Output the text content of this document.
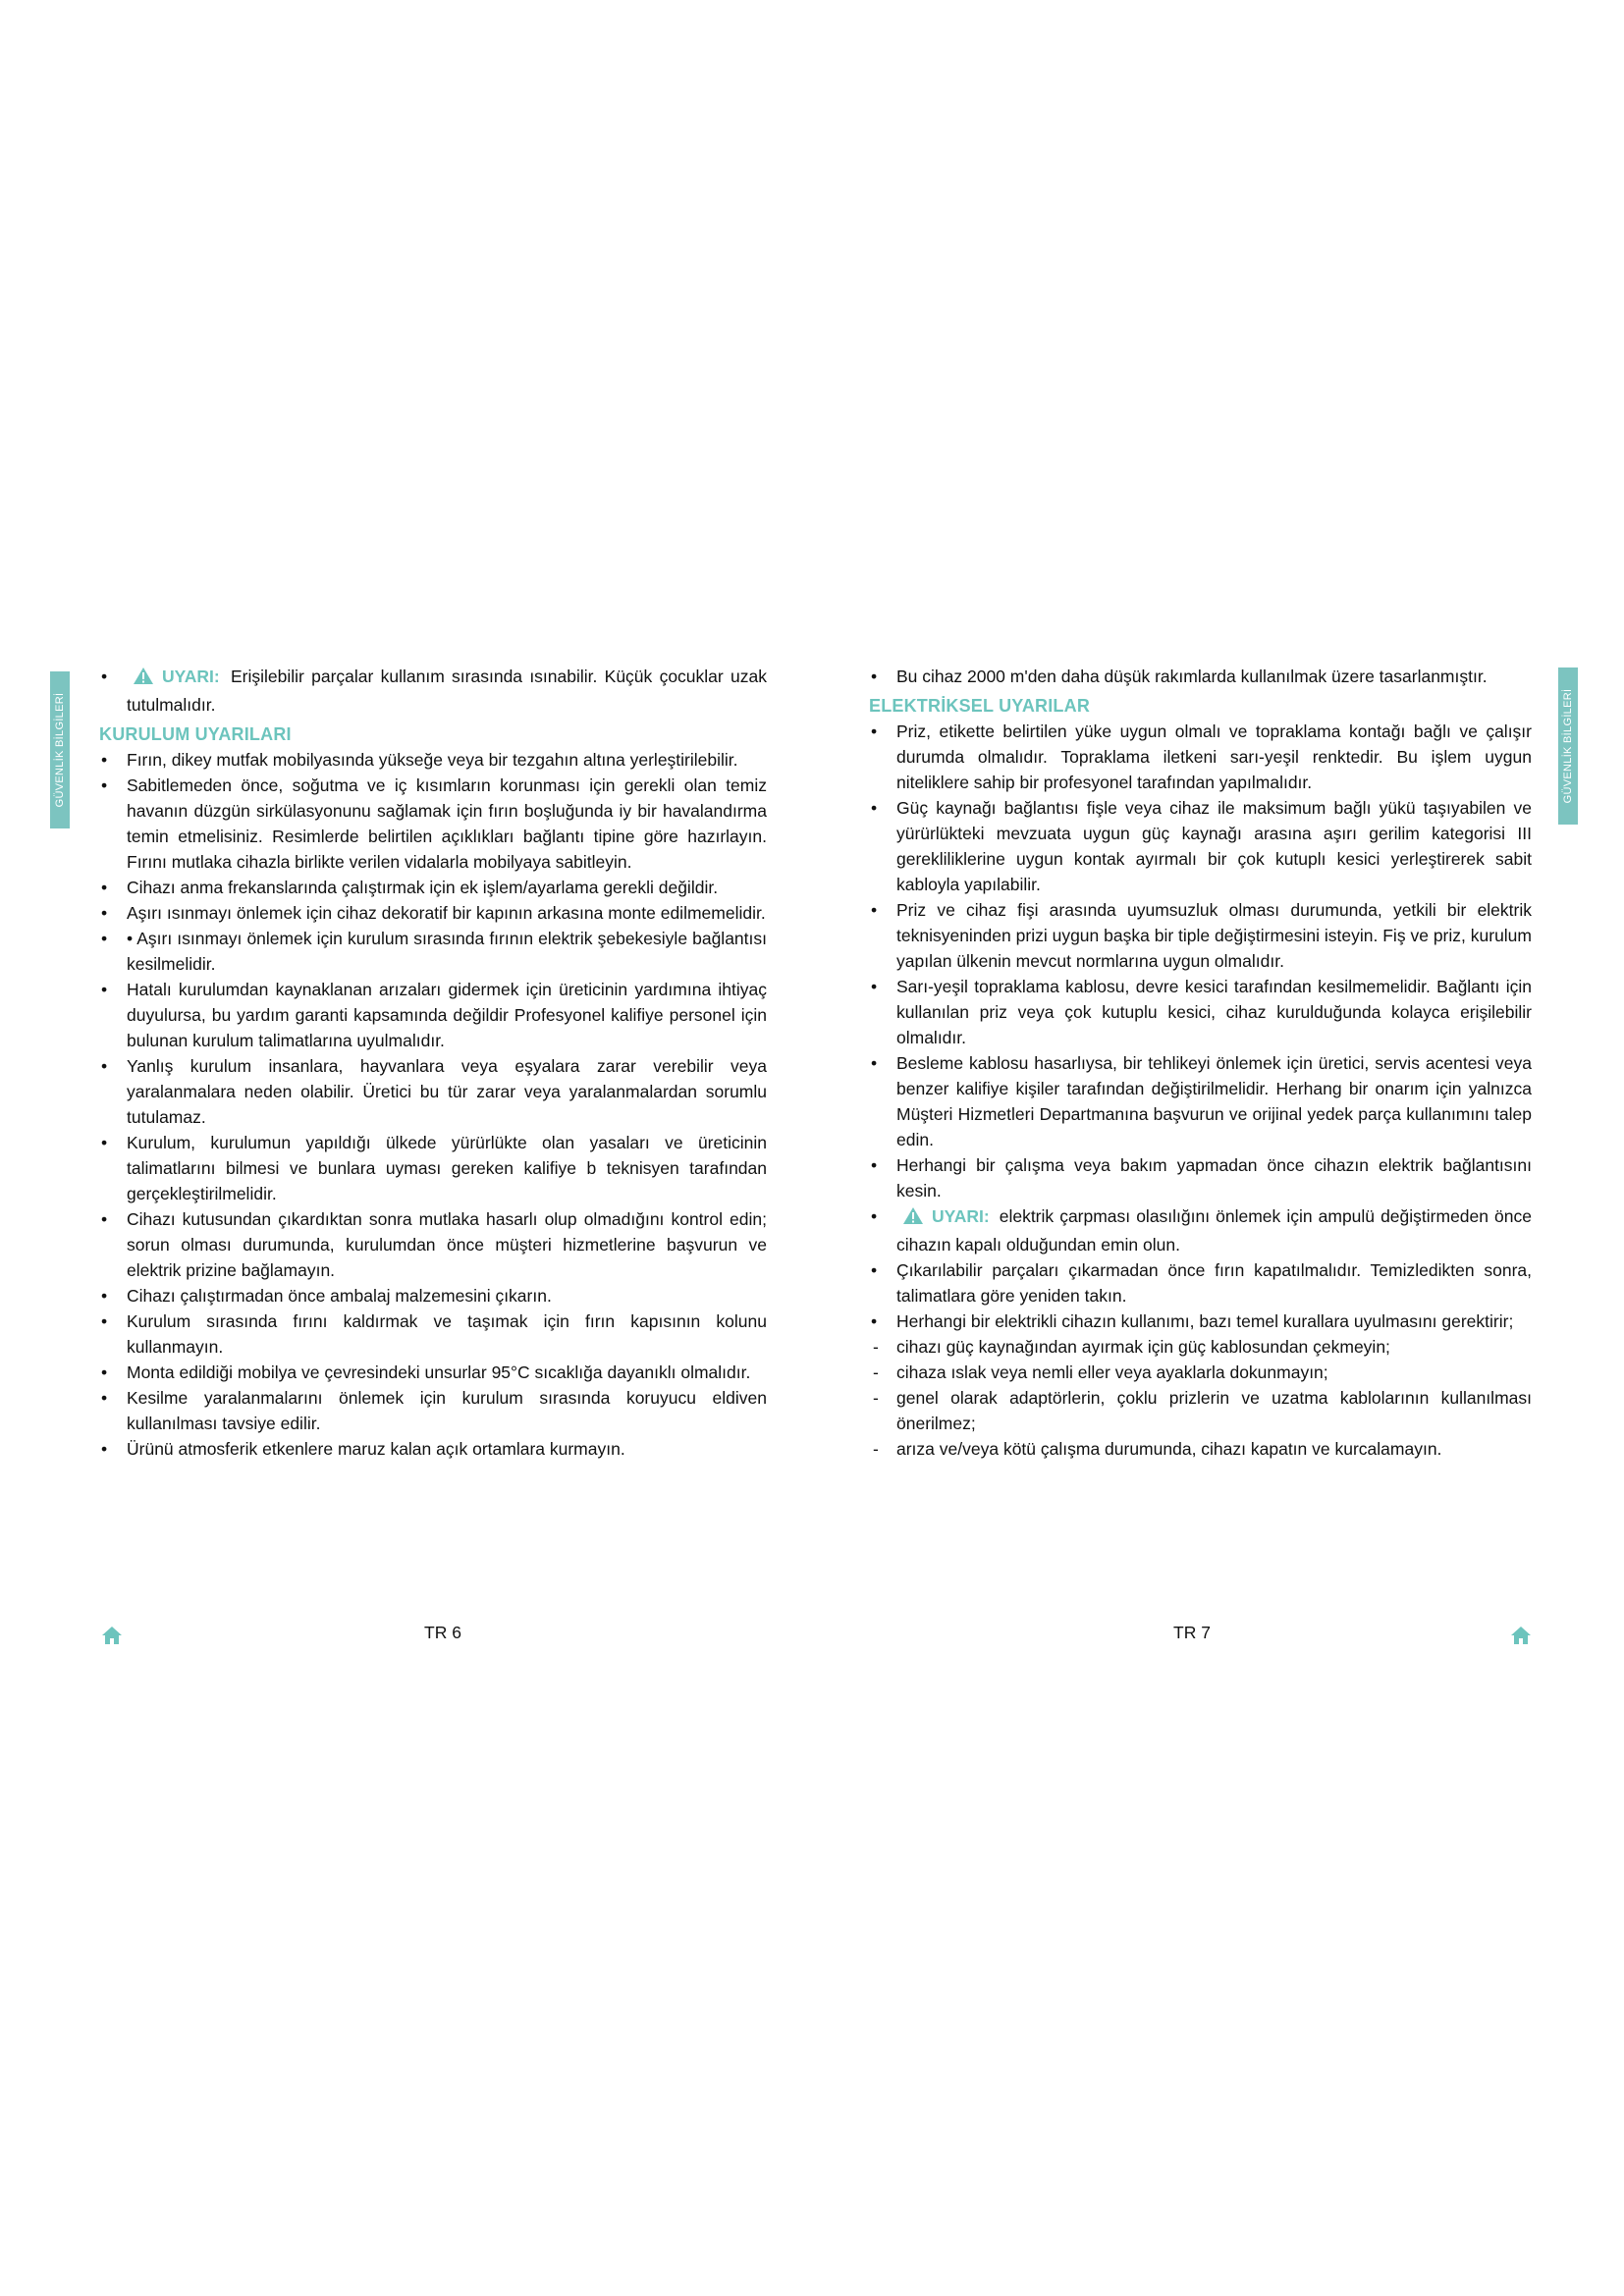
GÜVENLİK BİLGİLERİ	GÜVENLİK BİLGİLERİ
• UYARI: Erişilebilir parçalar kullanım sırasında ısınabilir. Küçük çocuklar uzak tutulmalıdır.
KURULUM UYARILARI
• Fırın, dikey mutfak mobilyasında yükseğe veya bir tezgahın altına yerleştirilebilir.
• Sabitlemeden önce, soğutma ve iç kısımların korunması için gerekli olan temiz havanın düzgün sirkülasyonunu sağlamak için fırın boşluğunda iy bir havalandırma temin etmelisiniz. Resimlerde belirtilen açıklıkları bağlantı tipine göre hazırlayın. Fırını mutlaka cihazla birlikte verilen vidalarla mobilyaya sabitleyin.
• Cihazı anma frekanslarında çalıştırmak için ek işlem/ayarlama gerekli değildir.
• Aşırı ısınmayı önlemek için cihaz dekoratif bir kapının arkasına monte edilmemelidir.
• • Aşırı ısınmayı önlemek için kurulum sırasında fırının elektrik şebekesiyle bağlantısı kesilmelidir.
• Hatalı kurulumdan kaynaklanan arızaları gidermek için üreticinin yardımına ihtiyaç duyulursa, bu yardım garanti kapsamında değildir Profesyonel kalifiye personel için bulunan kurulum talimatlarına uyulmalıdır.
• Yanlış kurulum insanlara, hayvanlara veya eşyalara zarar verebilir veya yaralanmalara neden olabilir. Üretici bu tür zarar veya yaralanmalardan sorumlu tutulamaz.
• Kurulum, kurulumun yapıldığı ülkede yürürlükte olan yasaları ve üreticinin talimatlarını bilmesi ve bunlara uyması gereken kalifiye b teknisyen tarafından gerçekleştirilmelidir.
• Cihazı kutusundan çıkardıktan sonra mutlaka hasarlı olup olmadığını kontrol edin; sorun olması durumunda, kurulumdan önce müşteri hizmetlerine başvurun ve elektrik prizine bağlamayın.
• Cihazı çalıştırmadan önce ambalaj malzemesini çıkarın.
• Kurulum sırasında fırını kaldırmak ve taşımak için fırın kapısının kolunu kullanmayın.
• Monta edildiği mobilya ve çevresindeki unsurlar 95°C sıcaklığa dayanıklı olmalıdır.
• Kesilme yaralanmalarını önlemek için kurulum sırasında koruyucu eldiven kullanılması tavsiye edilir.
• Ürünü atmosferik etkenlere maruz kalan açık ortamlara kurmayın.
• Bu cihaz 2000 m'den daha düşük rakımlarda kullanılmak üzere tasarlanmıştır.
ELEKTRİKSEL UYARILAR
• Priz, etikette belirtilen yüke uygun olmalı ve topraklama kontağı bağlı ve çalışır durumda olmalıdır. Topraklama iletkeni sarı-yeşil renktedir. Bu işlem uygun niteliklere sahip bir profesyonel tarafından yapılmalıdır.
• Güç kaynağı bağlantısı fişle veya cihaz ile maksimum bağlı yükü taşıyabilen ve yürürlükteki mevzuata uygun güç kaynağı arasına aşırı gerilim kategorisi III gerekliliklerine uygun kontak ayırmalı bir çok kutuplı kesici yerleştirerek sabit kabloyla yapılabilir.
• Priz ve cihaz fişi arasında uyumsuzluk olması durumunda, yetkili bir elektrik teknisyeninden prizi uygun başka bir tiple değiştirmesini isteyin. Fiş ve priz, kurulum yapılan ülkenin mevcut normlarına uygun olmalıdır.
• Sarı-yeşil topraklama kablosu, devre kesici tarafından kesilmemelidir. Bağlantı için kullanılan priz veya çok kutuplu kesici, cihaz kurulduğunda kolayca erişilebilir olmalıdır.
• Besleme kablosu hasarlıysa, bir tehlikeyi önlemek için üretici, servis acentesi veya benzer kalifiye kişiler tarafından değiştirilmelidir. Herhang bir onarım için yalnızca Müşteri Hizmetleri Departmanına başvurun ve orijinal yedek parça kullanımını talep edin.
• Herhangi bir çalışma veya bakım yapmadan önce cihazın elektrik bağlantısını kesin.
• UYARI: elektrik çarpması olasılığını önlemek için ampulü değiştirmeden önce cihazın kapalı olduğundan emin olun.
• Çıkarılabilir parçaları çıkarmadan önce fırın kapatılmalıdır. Temizledikten sonra, talimatlara göre yeniden takın.
• Herhangi bir elektrikli cihazın kullanımı, bazı temel kurallara uyulmasını gerektirir;
- cihazı güç kaynağından ayırmak için güç kablosundan çekmeyin;
- cihaza ıslak veya nemli eller veya ayaklarla dokunmayın;
- genel olarak adaptörlerin, çoklu prizlerin ve uzatma kablolarının kullanılması önerilmez;
- arıza ve/veya kötü çalışma durumunda, cihazı kapatın ve kurcalamayın.
TR 6	TR 7
